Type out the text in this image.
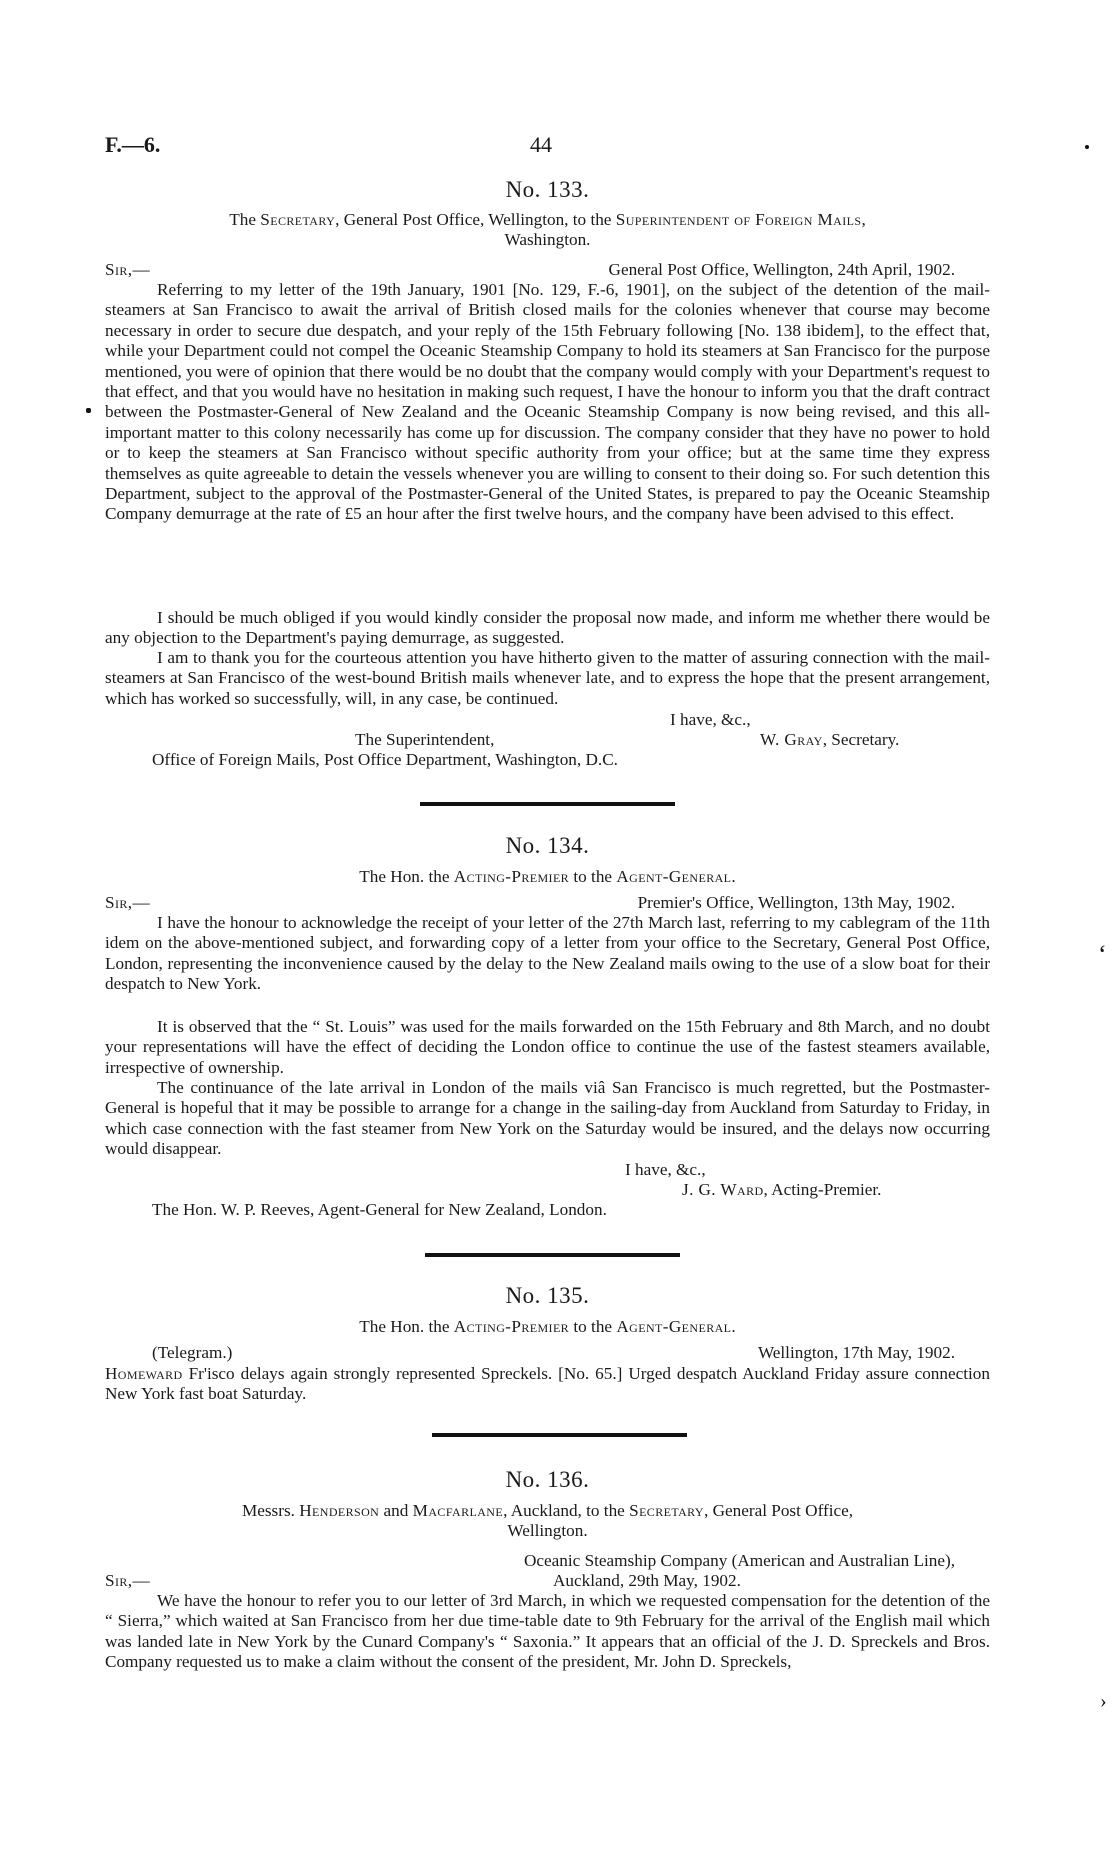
F.—6.	44
No. 133.
The Secretary, General Post Office, Wellington, to the Superintendent of Foreign Mails,
Washington.
Sir,—	General Post Office, Wellington, 24th April, 1902.
Referring to my letter of the 19th January, 1901 [No. 129, F.-6, 1901], on the subject of the detention of the mail-steamers at San Francisco to await the arrival of British closed mails for the colonies whenever that course may become necessary in order to secure due despatch, and your reply of the 15th February following [No. 138 ibidem], to the effect that, while your Department could not compel the Oceanic Steamship Company to hold its steamers at San Francisco for the purpose mentioned, you were of opinion that there would be no doubt that the company would comply with your Department's request to that effect, and that you would have no hesitation in making such request, I have the honour to inform you that the draft contract between the Postmaster-General of New Zealand and the Oceanic Steamship Company is now being revised, and this all-important matter to this colony necessarily has come up for discussion. The company consider that they have no power to hold or to keep the steamers at San Francisco without specific authority from your office; but at the same time they express themselves as quite agreeable to detain the vessels whenever you are willing to consent to their doing so. For such detention this Department, subject to the approval of the Postmaster-General of the United States, is prepared to pay the Oceanic Steamship Company demurrage at the rate of £5 an hour after the first twelve hours, and the company have been advised to this effect.
I should be much obliged if you would kindly consider the proposal now made, and inform me whether there would be any objection to the Department's paying demurrage, as suggested.
I am to thank you for the courteous attention you have hitherto given to the matter of assuring connection with the mail-steamers at San Francisco of the west-bound British mails whenever late, and to express the hope that the present arrangement, which has worked so successfully, will, in any case, be continued.
I have, &c.,
The Superintendent,	W. Gray, Secretary.
Office of Foreign Mails, Post Office Department, Washington, D.C.
No. 134.
The Hon. the Acting-Premier to the Agent-General.
Sir,—	Premier's Office, Wellington, 13th May, 1902.
I have the honour to acknowledge the receipt of your letter of the 27th March last, referring to my cablegram of the 11th idem on the above-mentioned subject, and forwarding copy of a letter from your office to the Secretary, General Post Office, London, representing the inconvenience caused by the delay to the New Zealand mails owing to the use of a slow boat for their despatch to New York.
It is observed that the “ St. Louis” was used for the mails forwarded on the 15th February and 8th March, and no doubt your representations will have the effect of deciding the London office to continue the use of the fastest steamers available, irrespective of ownership.
The continuance of the late arrival in London of the mails viâ San Francisco is much regretted, but the Postmaster-General is hopeful that it may be possible to arrange for a change in the sailing-day from Auckland from Saturday to Friday, in which case connection with the fast steamer from New York on the Saturday would be insured, and the delays now occurring would disappear.
I have, &c.,
J. G. Ward, Acting-Premier.
The Hon. W. P. Reeves, Agent-General for New Zealand, London.
‘
No. 135.
The Hon. the Acting-Premier to the Agent-General.
(Telegram.)	Wellington, 17th May, 1902.
Homeward Fr'isco delays again strongly represented Spreckels. [No. 65.] Urged despatch Auckland Friday assure connection New York fast boat Saturday.
No. 136.
Messrs. Henderson and Macfarlane, Auckland, to the Secretary, General Post Office,
Wellington.
Oceanic Steamship Company (American and Australian Line),
Sir,—	Auckland, 29th May, 1902.
We have the honour to refer you to our letter of 3rd March, in which we requested compensation for the detention of the “ Sierra,” which waited at San Francisco from her due time-table date to 9th February for the arrival of the English mail which was landed late in New York by the Cunard Company's “ Saxonia.” It appears that an official of the J. D. Spreckels and Bros. Company requested us to make a claim without the consent of the president, Mr. John D. Spreckels,
›
